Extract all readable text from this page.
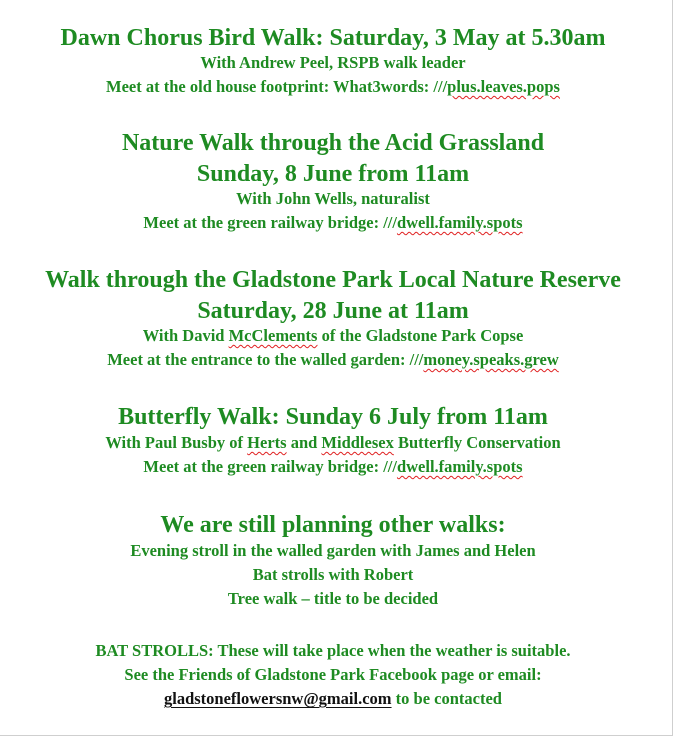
Dawn Chorus Bird Walk: Saturday, 3 May at 5.30am
With Andrew Peel, RSPB walk leader
Meet at the old house footprint: What3words: ///plus.leaves.pops
Nature Walk through the Acid Grassland
Sunday, 8 June from 11am
With John Wells, naturalist
Meet at the green railway bridge: ///dwell.family.spots
Walk through the Gladstone Park Local Nature Reserve
Saturday, 28 June at 11am
With David McClements of the Gladstone Park Copse
Meet at the entrance to the walled garden: ///money.speaks.grew
Butterfly Walk: Sunday 6 July from 11am
With Paul Busby of Herts and Middlesex Butterfly Conservation
Meet at the green railway bridge: ///dwell.family.spots
We are still planning other walks:
Evening stroll in the walled garden with James and Helen
Bat strolls with Robert
Tree walk – title to be decided
BAT STROLLS: These will take place when the weather is suitable.
See the Friends of Gladstone Park Facebook page or email:
gladstoneflowersnw@gmail.com to be contacted
